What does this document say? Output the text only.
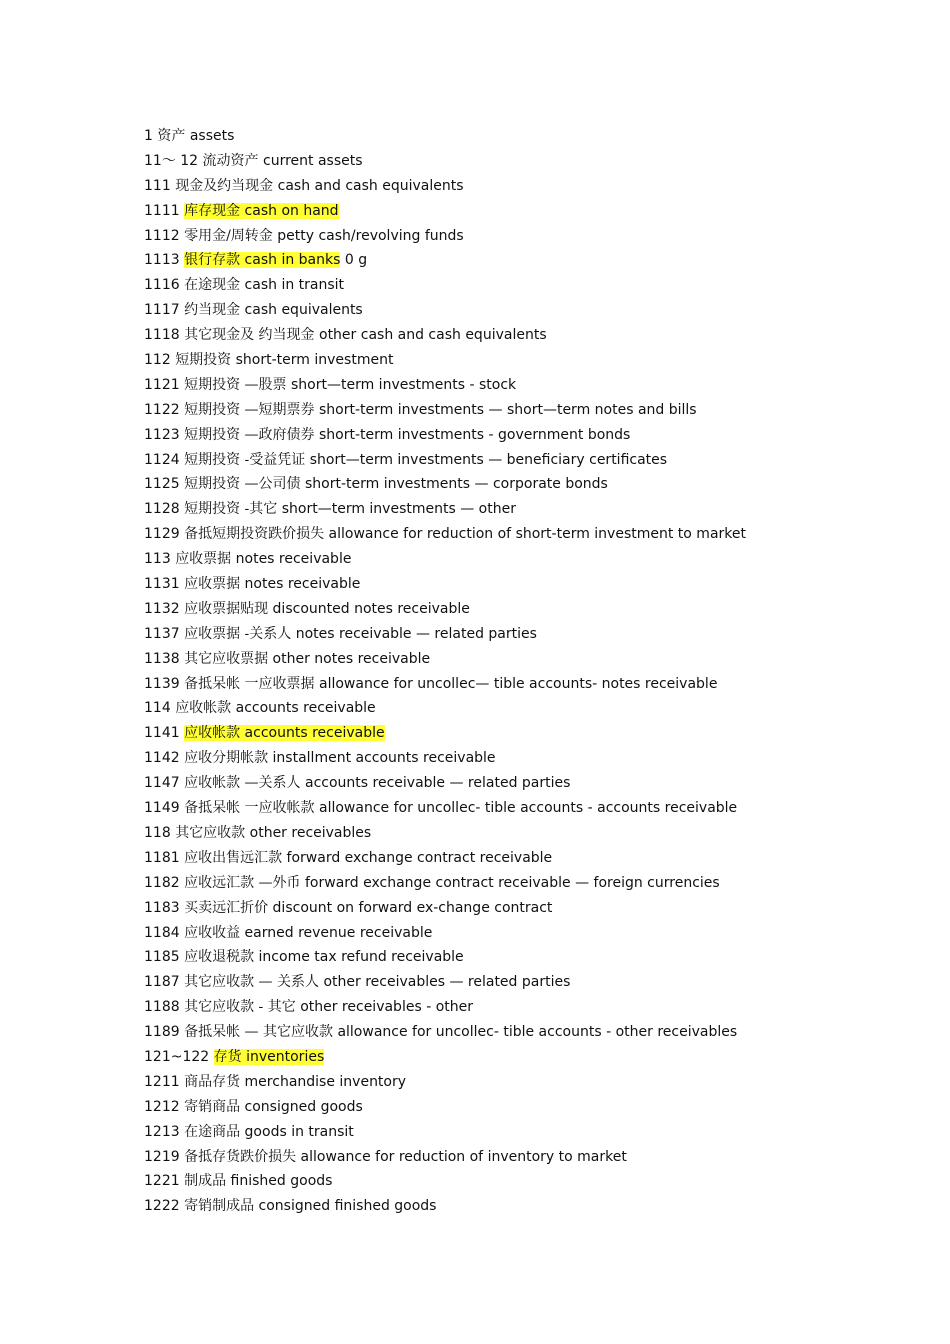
1 资产 assets
11～ 12 流动资产 current assets
111 现金及约当现金 cash and cash equivalents
1111 库存现金 cash on hand
1112 零用金/周转金 petty cash/revolving funds
1113 银行存款 cash in banks 0 g
1116 在途现金 cash in transit
1117 约当现金 cash equivalents
1118 其它现金及 约当现金 other cash and cash equivalents
112 短期投资 short-term investment
1121 短期投资 —股票 short—term investments - stock
1122 短期投资 —短期票券 short-term investments — short—term notes and bills
1123 短期投资 —政府债券 short-term investments - government bonds
1124 短期投资 -受益凭证 short—term investments — beneficiary certificates
1125 短期投资 —公司债 short-term investments — corporate bonds
1128 短期投资 -其它 short—term investments — other
1129 备抵短期投资跌价损失 allowance for reduction of short-term investment to market
113 应收票据 notes receivable
1131 应收票据 notes receivable
1132 应收票据贴现 discounted notes receivable
1137 应收票据 -关系人 notes receivable — related parties
1138 其它应收票据 other notes receivable
1139 备抵呆帐 一应收票据 allowance for uncollec— tible accounts- notes receivable
114 应收帐款 accounts receivable
1141 应收帐款 accounts receivable
1142 应收分期帐款 installment accounts receivable
1147 应收帐款 —关系人 accounts receivable — related parties
1149 备抵呆帐 一应收帐款 allowance for uncollec- tible accounts - accounts receivable
118 其它应收款 other receivables
1181 应收出售远汇款 forward exchange contract receivable
1182 应收远汇款 —外币 forward exchange contract receivable — foreign currencies
1183 买卖远汇折价 discount on forward ex-change contract
1184 应收收益 earned revenue receivable
1185 应收退税款 income tax refund receivable
1187 其它应收款 — 关系人 other receivables — related parties
1188 其它应收款 - 其它 other receivables - other
1189 备抵呆帐 — 其它应收款 allowance for uncollec- tible accounts - other receivables
121~122 存货 inventories
1211 商品存货 merchandise inventory
1212 寄销商品 consigned goods
1213 在途商品 goods in transit
1219 备抵存货跌价损失 allowance for reduction of inventory to market
1221 制成品 finished goods
1222 寄销制成品 consigned finished goods
